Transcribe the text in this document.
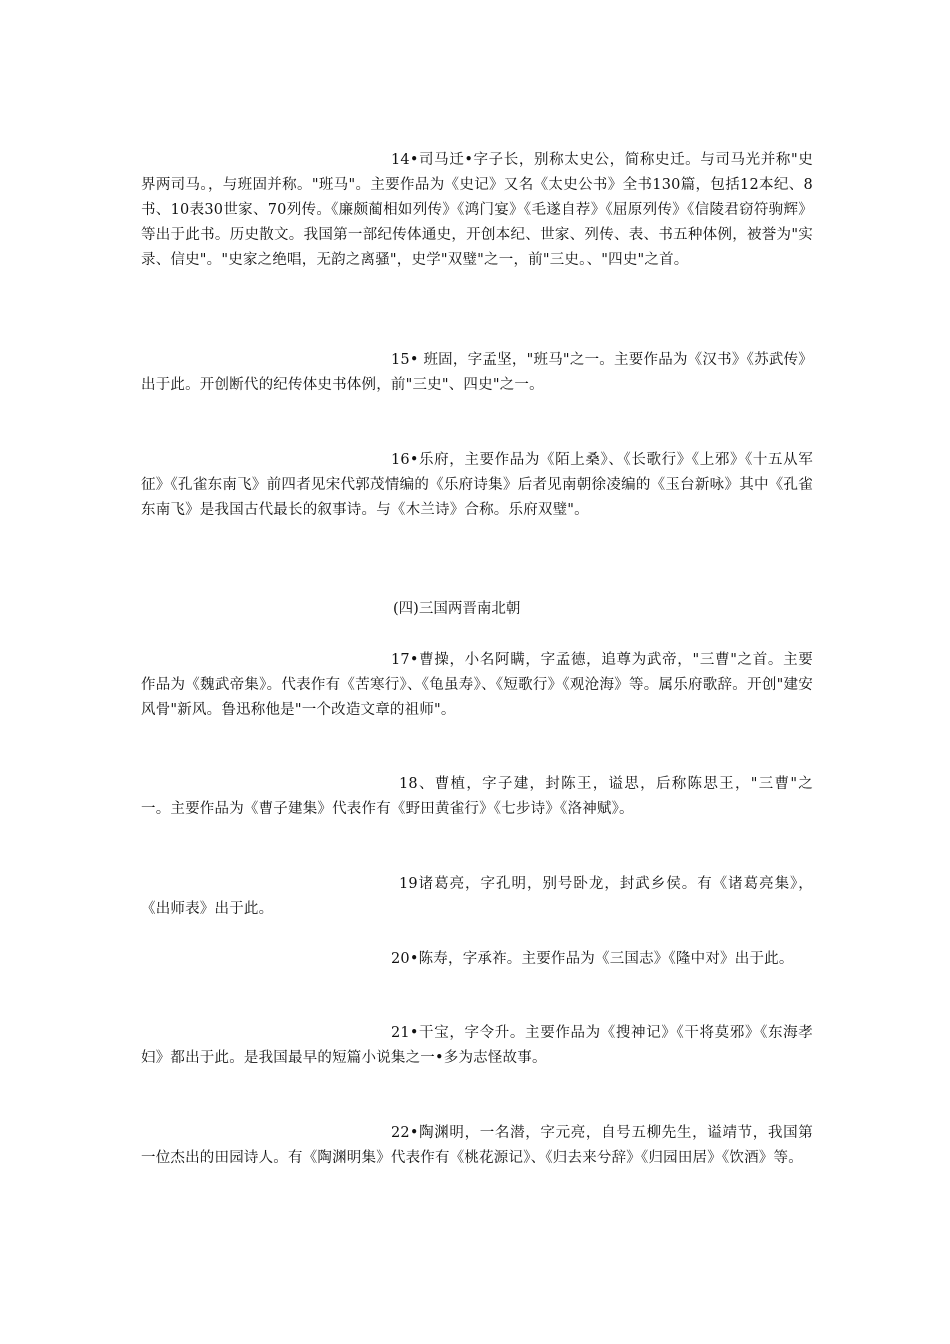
14•司马迁•字子长，别称太史公，简称史迁。与司马光并称"史界两司马。，与班固并称。"班马"。主要作品为《史记》又名《太史公书》全书130篇，包括12本纪、8书、10表30世家、70列传。《廉颇蔺相如列传》《鸿门宴》《毛遂自荐》《屈原列传》《信陵君窃符驹辉》等出于此书。历史散文。我国第一部纪传体通史，开创本纪、世家、列传、表、书五种体例，被誉为"实录、信史"。"史家之绝唱，无韵之离骚"，史学"双璧"之一，前"三史。、"四史"之首。

15• 班固，字孟坚，"班马"之一。主要作品为《汉书》《苏武传》出于此。开创断代的纪传体史书体例，前"三史"、四史"之一。

16•乐府，主要作品为《陌上桑》、《长歌行》《上邪》《十五从军征》《孔雀东南飞》前四者见宋代郭茂情编的《乐府诗集》后者见南朝徐凌编的《玉台新咏》其中《孔雀东南飞》是我国古代最长的叙事诗。与《木兰诗》合称。乐府双璧"。

(四)三国两晋南北朝

17•曹操，小名阿瞒，字孟德，追尊为武帝，"三曹"之首。主要作品为《魏武帝集》。代表作有《苦寒行》、《龟虽寿》、《短歌行》《观沧海》等。属乐府歌辞。开创"建安风骨"新风。鲁迅称他是"一个改造文章的祖师"。

18、曹植，字子建，封陈王，谥思，后称陈思王，"三曹"之一。主要作品为《曹子建集》代表作有《野田黄雀行》《七步诗》《洛神赋》。

19诸葛亮，字孔明，别号卧龙，封武乡侯。有《诸葛亮集》，《出师表》出于此。

20•陈寿，字承祚。主要作品为《三国志》《隆中对》出于此。

21•干宝，字令升。主要作品为《搜神记》《干将莫邪》《东海孝妇》都出于此。是我国最早的短篇小说集之一•多为志怪故事。

22•陶渊明，一名潜，字元亮，自号五柳先生，谥靖节，我国第一位杰出的田园诗人。有《陶渊明集》代表作有《桃花源记》、《归去来兮辞》《归园田居》《饮酒》等。
